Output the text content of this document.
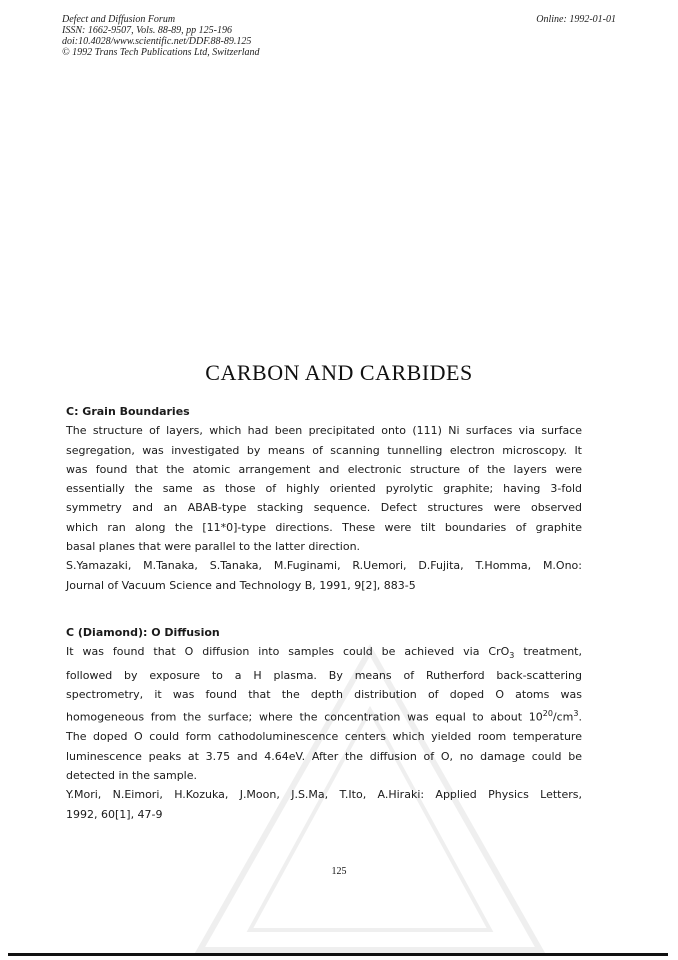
Defect and Diffusion Forum
ISSN: 1662-9507, Vols. 88-89, pp 125-196
doi:10.4028/www.scientific.net/DDF.88-89.125
© 1992 Trans Tech Publications Ltd, Switzerland
Online: 1992-01-01
CARBON AND CARBIDES
C: Grain Boundaries
The structure of layers, which had been precipitated onto (111) Ni surfaces via surface
segregation, was investigated by means of scanning tunnelling electron microscopy. It
was found that the atomic arrangement and electronic structure of the layers were
essentially the same as those of highly oriented pyrolytic graphite; having 3-fold
symmetry and an ABAB-type stacking sequence. Defect structures were observed
which ran along the [11*0]-type directions. These were tilt boundaries of graphite
basal planes that were parallel to the latter direction.
S.Yamazaki, M.Tanaka, S.Tanaka, M.Fuginami, R.Uemori, D.Fujita, T.Homma, M.Ono:
Journal of Vacuum Science and Technology B, 1991, 9[2], 883-5
C (Diamond): O Diffusion
It was found that O diffusion into samples could be achieved via CrO$_3$ treatment,
followed by exposure to a H plasma. By means of Rutherford back-scattering
spectrometry, it was found that the depth distribution of doped O atoms was
homogeneous from the surface; where the concentration was equal to about $10^{20}/cm^3$.
The doped O could form cathodoluminescence centers which yielded room temperature
luminescence peaks at 3.75 and 4.64eV. After the diffusion of O, no damage could be
detected in the sample.
Y.Mori, N.Eimori, H.Kozuka, J.Moon, J.S.Ma, T.Ito, A.Hiraki: Applied Physics Letters,
1992, 60[1], 47-9
125
